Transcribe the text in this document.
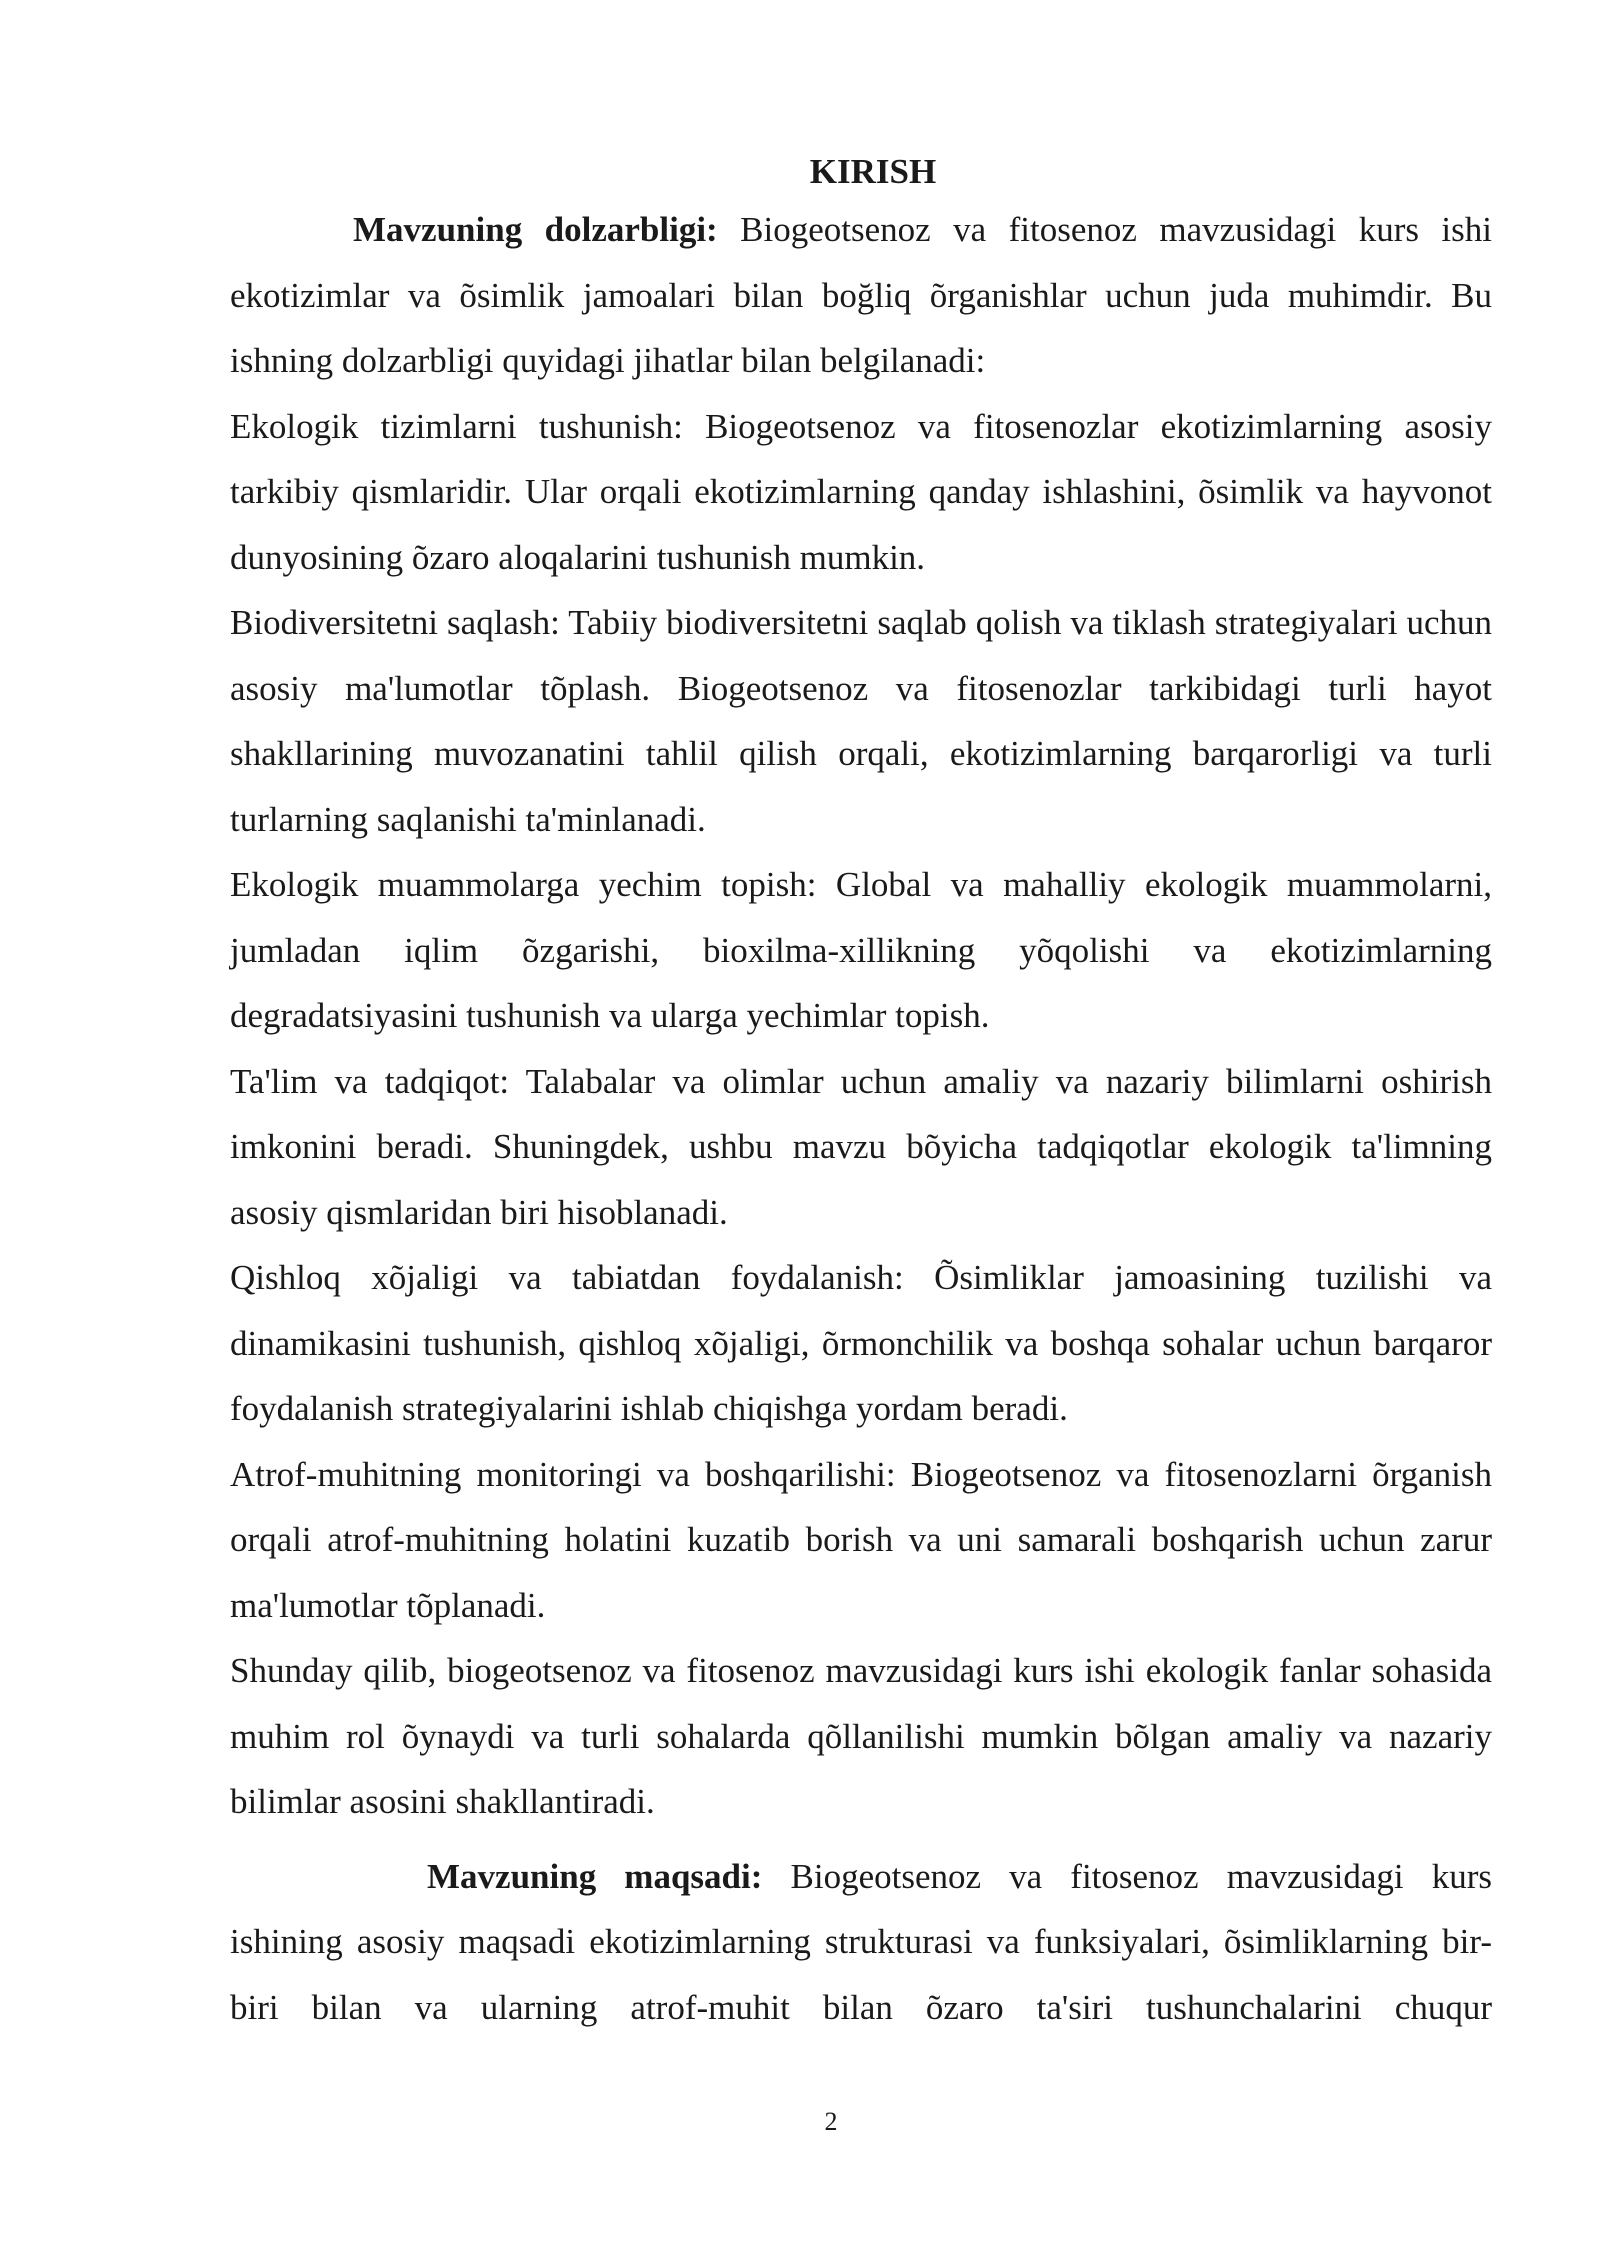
KIRISH

Mavzuning dolzarbligi: Biogeotsenoz va fitosenoz mavzusidagi kurs ishi ekotizimlar va õsimlik jamoalari bilan boğliq õrganishlar uchun juda muhimdir. Bu ishning dolzarbligi quyidagi jihatlar bilan belgilanadi:

Ekologik tizimlarni tushunish: Biogeotsenoz va fitosenozlar ekotizimlarning asosiy tarkibiy qismlaridir. Ular orqali ekotizimlarning qanday ishlashini, õsimlik va hayvonot dunyosining õzaro aloqalarini tushunish mumkin.

Biodiversitetni saqlash: Tabiiy biodiversitetni saqlab qolish va tiklash strategiyalari uchun asosiy ma'lumotlar tõplash. Biogeotsenoz va fitosenozlar tarkibidagi turli hayot shakllarining muvozanatini tahlil qilish orqali, ekotizimlarning barqarorligi va turli turlarning saqlanishi ta'minlanadi.

Ekologik muammolarga yechim topish: Global va mahalliy ekologik muammolarni, jumladan iqlim õzgarishi, bioxilma-xillikning yõqolishi va ekotizimlarning degradatsiyasini tushunish va ularga yechimlar topish.

Ta'lim va tadqiqot: Talabalar va olimlar uchun amaliy va nazariy bilimlarni oshirish imkonini beradi. Shuningdek, ushbu mavzu bõyicha tadqiqotlar ekologik ta'limning asosiy qismlaridan biri hisoblanadi.

Qishloq xõjaligi va tabiatdan foydalanish: Õsimliklar jamoasining tuzilishi va dinamikasini tushunish, qishloq xõjaligi, õrmonchilik va boshqa sohalar uchun barqaror foydalanish strategiyalarini ishlab chiqishga yordam beradi.

Atrof-muhitning monitoringi va boshqarilishi: Biogeotsenoz va fitosenozlarni õrganish orqali atrof-muhitning holatini kuzatib borish va uni samarali boshqarish uchun zarur ma'lumotlar tõplanadi.

Shunday qilib, biogeotsenoz va fitosenoz mavzusidagi kurs ishi ekologik fanlar sohasida muhim rol õynaydi va turli sohalarda qõllanilishi mumkin bõlgan amaliy va nazariy bilimlar asosini shakllantiradi.

Mavzuning maqsadi: Biogeotsenoz va fitosenoz mavzusidagi kurs ishining asosiy maqsadi ekotizimlarning strukturasi va funksiyalari, õsimliklarning bir-biri bilan va ularning atrof-muhit bilan õzaro ta'siri tushunchalarini chuqur

2
